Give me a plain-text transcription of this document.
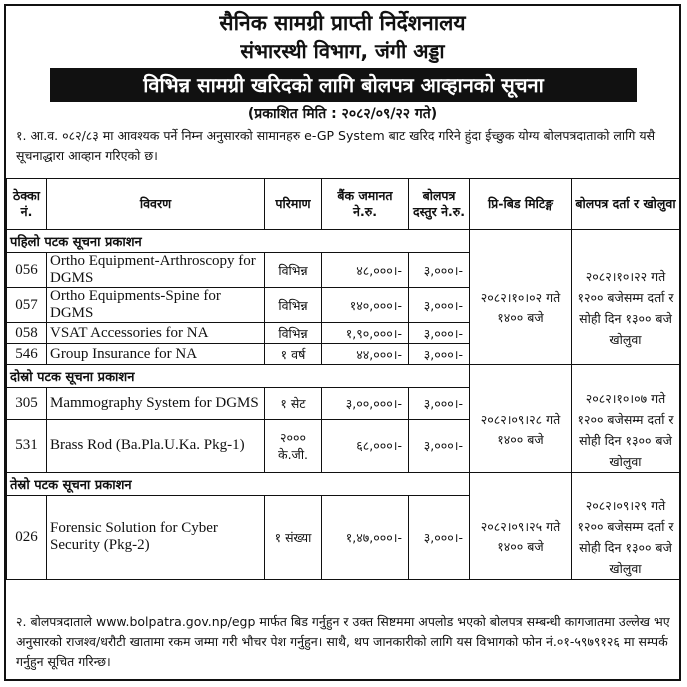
सैनिक सामग्री प्राप्ती निर्देशनालय
संभारस्थी विभाग, जंगी अड्डा
विभिन्न सामग्री खरिदको लागि बोलपत्र आव्हानको सूचना
(प्रकाशित मिति : २०८२/०९/२२ गते)
१. आ.व. ०८२/८३ मा आवश्यक पर्ने निम्न अनुसारको सामानहरु e-GP System बाट खरिद गरिने हुंदा ईच्छुक योग्य बोलपत्रदाताको लागि यसै सूचनाद्धारा आव्हान गरिएको छ।
ठेक्का नं.	विवरण	परिमाण	बैंक जमानत ने.रु.	बोलपत्र दस्तुर ने.रु.	प्रि-बिड मिटिङ्ग	बोलपत्र दर्ता र खोलुवा
पहिलो पटक सूचना प्रकाशन						
056	Ortho Equipment-Arthroscopy for DGMS	विभिन्न	४८,०००।-	३,०००।-	२०८२।१०।०२ गते १४०० बजे	२०८२।१०।२२ गते १२०० बजेसम्म दर्ता र सोही दिन १३०० बजे खोलुवा
057	Ortho Equipments-Spine for DGMS	विभिन्न	१४०,०००।-	३,०००।-		
058	VSAT Accessories for NA	विभिन्न	१,९०,०००।-	३,०००।-		
546	Group Insurance for NA	१ वर्ष	४४,०००।-	३,०००।-		
दोस्रो पटक सूचना प्रकाशन						
305	Mammography System for DGMS	१ सेट	३,००,०००।-	३,०००।-	२०८२।०९।२८ गते १४०० बजे	२०८२।१०।०७ गते १२०० बजेसम्म दर्ता र सोही दिन १३०० बजे खोलुवा
531	Brass Rod (Ba.Pla.U.Ka. Pkg-1)	२००० के.जी.	६८,०००।-	३,०००।-		
तेस्रो पटक सूचना प्रकाशन						
026	Forensic Solution for Cyber Security (Pkg-2)	१ संख्या	१,४७,०००।-	३,०००।-	२०८२।०९।२५ गते १४०० बजे	२०८२।०९।२९ गते १२०० बजेसम्म दर्ता र सोही दिन १३०० बजे खोलुवा
२. बोलपत्रदाताले www.bolpatra.gov.np/egp मार्फत बिड गर्नुहुन र उक्त सिष्टममा अपलोड भएको बोलपत्र सम्बन्धी कागजातमा उल्लेख भए अनुसारको राजश्व/धरौटी खातामा रकम जम्मा गरी भौचर पेश गर्नुहुन। साथै, थप जानकारीको लागि यस विभागको फोन नं.०१-५९७९१२६ मा सम्पर्क गर्नुहुन सूचित गरिन्छ।
